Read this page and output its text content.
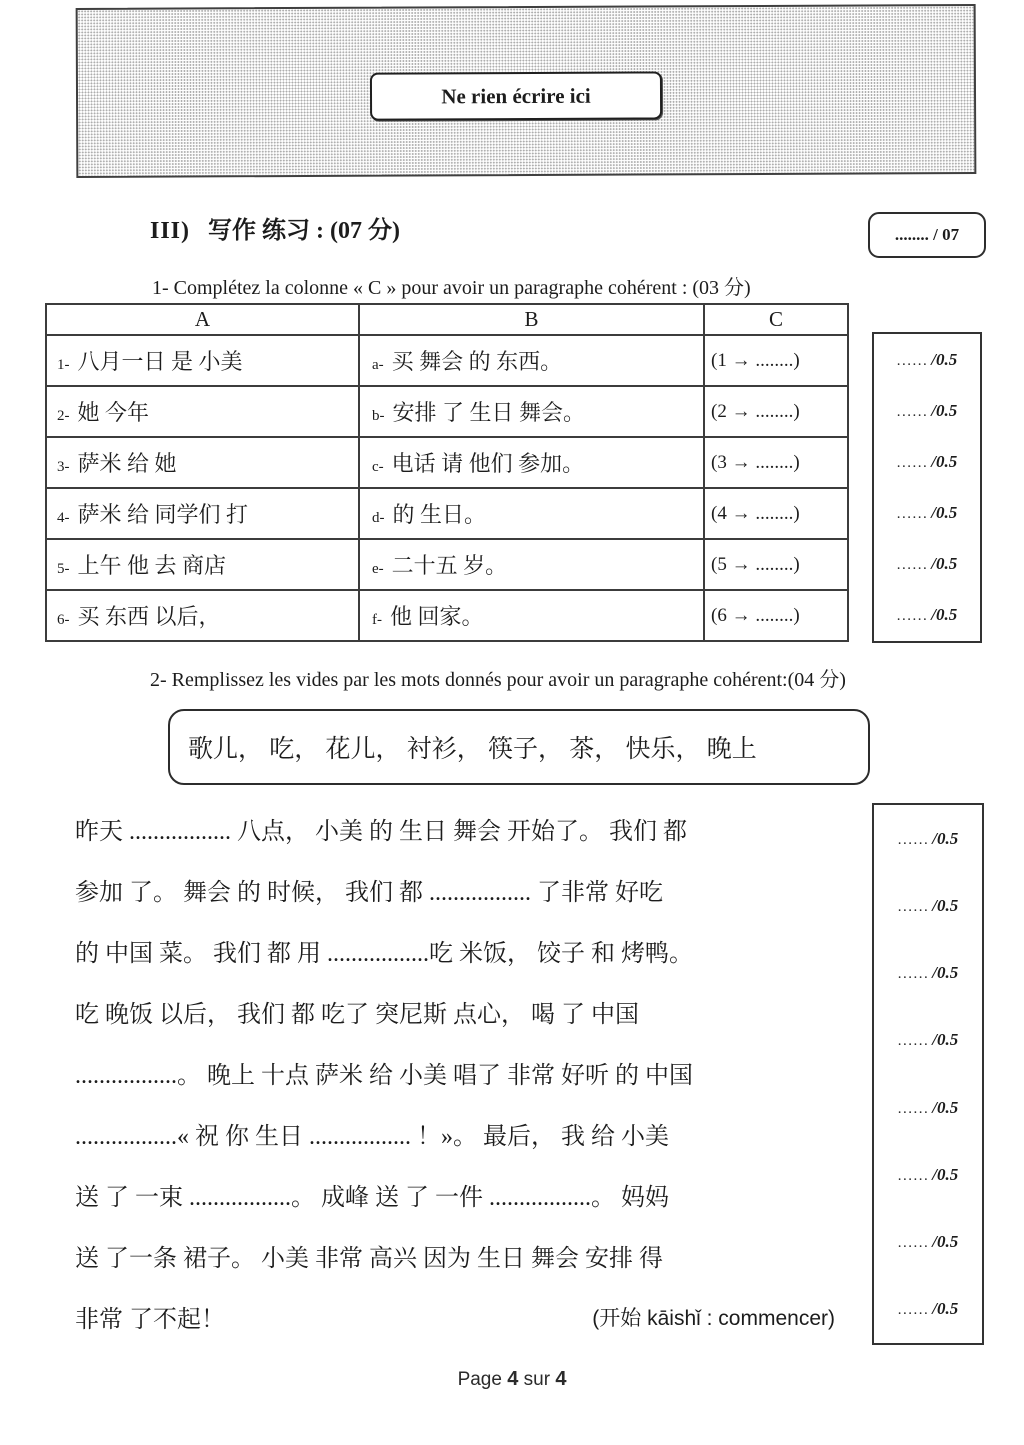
Ne rien écrire ici
III) 写作 练习 : (07 分)	........ / 07
1- Complétez la colonne « C » pour avoir un paragraphe cohérent : (03 分)
A	B	C
1- 八月一日 是 小美	a- 买 舞会 的 东西。	(1 → ........)
2- 她 今年	b- 安排 了 生日 舞会。	(2 → ........)
3- 萨米 给 她	c- 电话 请 他们 参加。	(3 → ........)
4- 萨米 给 同学们 打	d- 的 生日。	(4 → ........)
5- 上午 他 去 商店	e- 二十五 岁。	(5 → ........)
6- 买 东西 以后，	f- 他 回家。	(6 → ........)
...... /0.5
...... /0.5
...... /0.5
...... /0.5
...... /0.5
...... /0.5
2- Remplissez les vides par les mots donnés pour avoir un paragraphe cohérent:(04 分)
歌儿， 吃， 花儿， 衬衫， 筷子， 茶， 快乐， 晚上
昨天 ................. 八点， 小美 的 生日 舞会 开始了。 我们 都
参加 了。 舞会 的 时候， 我们 都 ................. 了非常 好吃
的 中国 菜。 我们 都 用 .................吃 米饭， 饺子 和 烤鸭。
吃 晚饭 以后， 我们 都 吃了 突尼斯 点心， 喝 了 中国
.................。 晚上 十点 萨米 给 小美 唱了 非常 好听 的 中国
.................« 祝 你 生日 ................. ！»。 最后， 我 给 小美
送 了 一束 .................。 成峰 送 了 一件 .................。 妈妈
送 了一条 裙子。 小美 非常 高兴 因为 生日 舞会 安排 得
非常 了不起！	(开始 kāishǐ : commencer)
...... /0.5
...... /0.5
...... /0.5
...... /0.5
...... /0.5
...... /0.5
...... /0.5
...... /0.5
Page 4 sur 4
